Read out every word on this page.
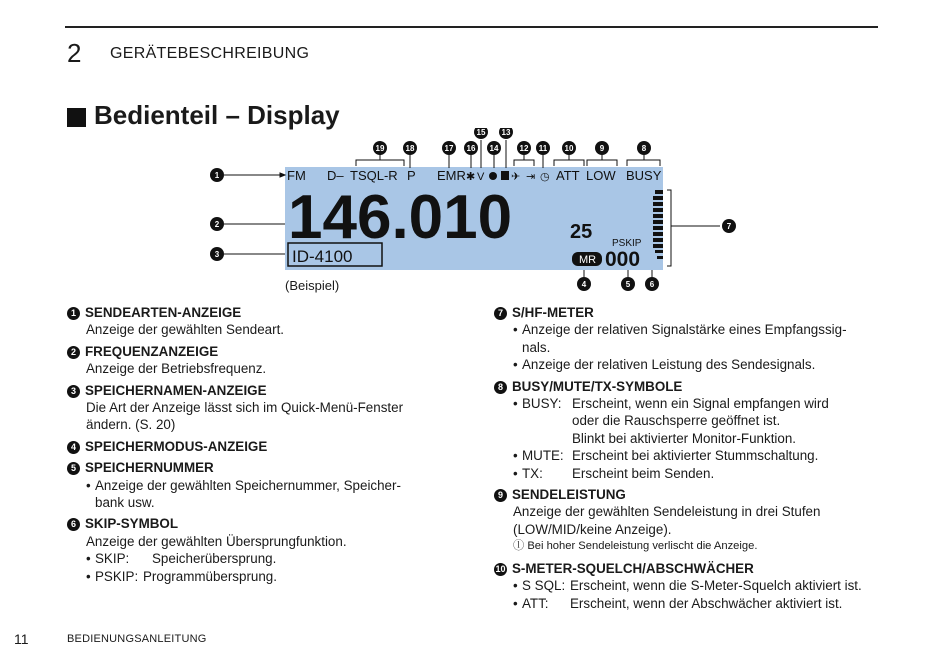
2 GERÄTEBESCHREIBUNG
Bedienteil – Display
FM D– TSQL-R P EMR	ATT LOW BUSY
✱ V ✈ ⇥ ◷
146.010	25
ID-4100
PSKIP
MR 000
1
2
3
4	5 6
7
8
9
10
11
12
13
14
15
16
17
18
19
(Beispiel)
1 SENDEARTEN-ANZEIGE
Anzeige der gewählten Sendeart.
2 FREQUENZANZEIGE
Anzeige der Betriebsfrequenz.
3 SPEICHERNAMEN-ANZEIGE
Die Art der Anzeige lässt sich im Quick-Menü-Fenster
ändern. (S. 20)
4 SPEICHERMODUS-ANZEIGE
5 SPEICHERNUMMER
• Anzeige der gewählten Speichernummer, Speicher-
bank usw.
6 SKIP-SYMBOL
Anzeige der gewählten Übersprungfunktion.
• SKIP:	Speicherübersprung.
• PSKIP: Programmübersprung.
7 S/HF-METER
• Anzeige der relativen Signalstärke eines Empfangssig-
nals.
• Anzeige der relativen Leistung des Sendesignals.
8 BUSY/MUTE/TX-SYMBOLE
• BUSY: Erscheint, wenn ein Signal empfangen wird
oder die Rauschsperre geöffnet ist.
Blinkt bei aktivierter Monitor-Funktion.
• MUTE: Erscheint bei aktivierter Stummschaltung.
• TX:	Erscheint beim Senden.
9 SENDELEISTUNG
Anzeige der gewählten Sendeleistung in drei Stufen
(LOW/MID/keine Anzeige).
ⓛ Bei hoher Sendeleistung verlischt die Anzeige.
10 S-METER-SQUELCH/ABSCHWÄCHER
• S SQL: Erscheint, wenn die S-Meter-Squelch aktiviert ist.
• ATT:	Erscheint, wenn der Abschwächer aktiviert ist.
11	BEDIENUNGSANLEITUNG
